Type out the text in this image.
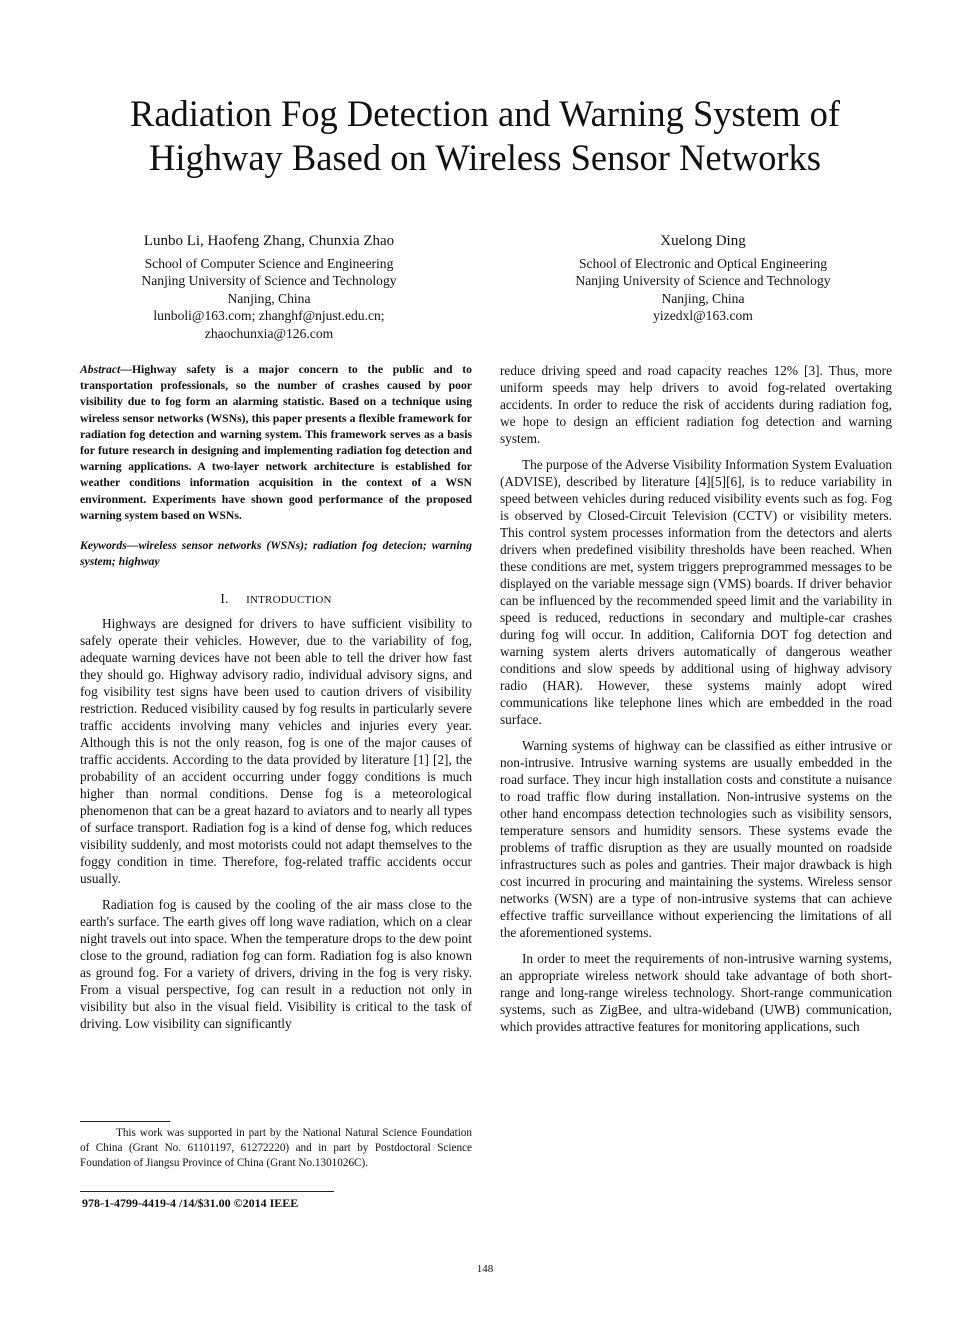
Radiation Fog Detection and Warning System of
Highway Based on Wireless Sensor Networks
Lunbo Li, Haofeng Zhang, Chunxia Zhao
School of Computer Science and Engineering
Nanjing University of Science and Technology
Nanjing, China
lunboli@163.com; zhanghf@njust.edu.cn;
zhaochunxia@126.com
Xuelong Ding
School of Electronic and Optical Engineering
Nanjing University of Science and Technology
Nanjing, China
yizedxl@163.com

Abstract—Highway safety is a major concern to the public and to transportation professionals, so the number of crashes caused by poor visibility due to fog form an alarming statistic. Based on a technique using wireless sensor networks (WSNs), this paper presents a flexible framework for radiation fog detection and warning system. This framework serves as a basis for future research in designing and implementing radiation fog detection and warning applications. A two-layer network architecture is established for weather conditions information acquisition in the context of a WSN environment. Experiments have shown good performance of the proposed warning system based on WSNs.

Keywords—wireless sensor networks (WSNs); radiation fog detecion; warning system; highway

I. INTRODUCTION

Highways are designed for drivers to have sufficient visibility to safely operate their vehicles. However, due to the variability of fog, adequate warning devices have not been able to tell the driver how fast they should go. Highway advisory radio, individual advisory signs, and fog visibility test signs have been used to caution drivers of visibility restriction. Reduced visibility caused by fog results in particularly severe traffic accidents involving many vehicles and injuries every year. Although this is not the only reason, fog is one of the major causes of traffic accidents. According to the data provided by literature [1] [2], the probability of an accident occurring under foggy conditions is much higher than normal conditions. Dense fog is a meteorological phenomenon that can be a great hazard to aviators and to nearly all types of surface transport. Radiation fog is a kind of dense fog, which reduces visibility suddenly, and most motorists could not adapt themselves to the foggy condition in time. Therefore, fog-related traffic accidents occur usually.

Radiation fog is caused by the cooling of the air mass close to the earth's surface. The earth gives off long wave radiation, which on a clear night travels out into space. When the temperature drops to the dew point close to the ground, radiation fog can form. Radiation fog is also known as ground fog. For a variety of drivers, driving in the fog is very risky. From a visual perspective, fog can result in a reduction not only in visibility but also in the visual field. Visibility is critical to the task of driving. Low visibility can significantly

reduce driving speed and road capacity reaches 12% [3]. Thus, more uniform speeds may help drivers to avoid fog-related overtaking accidents. In order to reduce the risk of accidents during radiation fog, we hope to design an efficient radiation fog detection and warning system.

The purpose of the Adverse Visibility Information System Evaluation (ADVISE), described by literature [4][5][6], is to reduce variability in speed between vehicles during reduced visibility events such as fog. Fog is observed by Closed-Circuit Television (CCTV) or visibility meters. This control system processes information from the detectors and alerts drivers when predefined visibility thresholds have been reached. When these conditions are met, system triggers preprogrammed messages to be displayed on the variable message sign (VMS) boards. If driver behavior can be influenced by the recommended speed limit and the variability in speed is reduced, reductions in secondary and multiple-car crashes during fog will occur. In addition, California DOT fog detection and warning system alerts drivers automatically of dangerous weather conditions and slow speeds by additional using of highway advisory radio (HAR). However, these systems mainly adopt wired communications like telephone lines which are embedded in the road surface.

Warning systems of highway can be classified as either intrusive or non-intrusive. Intrusive warning systems are usually embedded in the road surface. They incur high installation costs and constitute a nuisance to road traffic flow during installation. Non-intrusive systems on the other hand encompass detection technologies such as visibility sensors, temperature sensors and humidity sensors. These systems evade the problems of traffic disruption as they are usually mounted on roadside infrastructures such as poles and gantries. Their major drawback is high cost incurred in procuring and maintaining the systems. Wireless sensor networks (WSN) are a type of non-intrusive systems that can achieve effective traffic surveillance without experiencing the limitations of all the aforementioned systems.

In order to meet the requirements of non-intrusive warning systems, an appropriate wireless network should take advantage of both short-range and long-range wireless technology. Short-range communication systems, such as ZigBee, and ultra-wideband (UWB) communication, which provides attractive features for monitoring applications, such

This work was supported in part by the National Natural Science Foundation of China (Grant No. 61101197, 61272220) and in part by Postdoctoral Science Foundation of Jiangsu Province of China (Grant No.1301026C).
978-1-4799-4419-4 /14/$31.00 ©2014 IEEE
148
